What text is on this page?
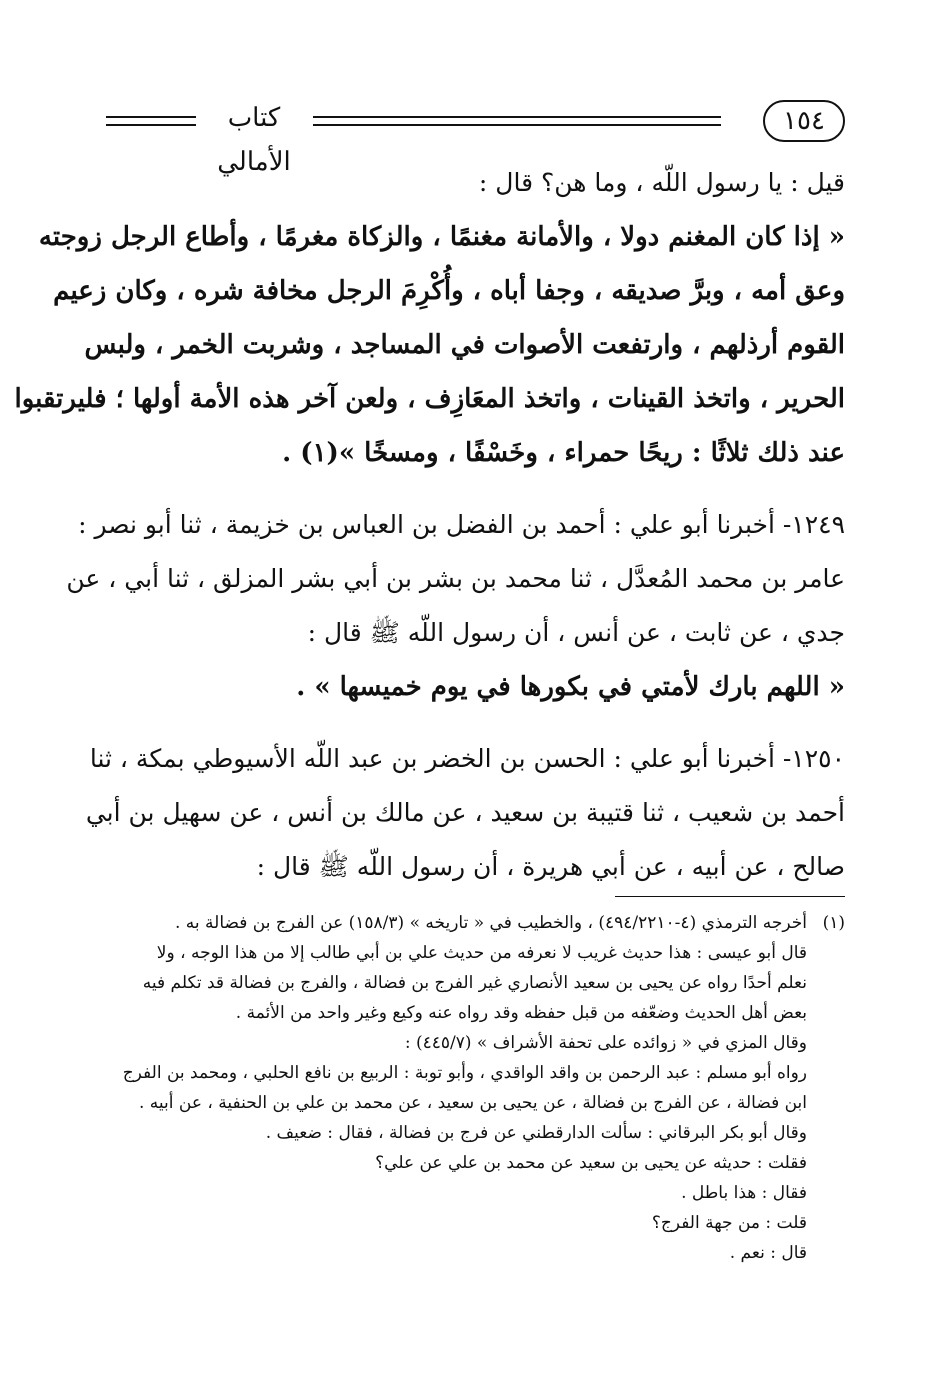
١٥٤
كتاب الأمالي
قيل : يا رسول اللّه ، وما هن؟ قال :
« إذا كان المغنم دولا ، والأمانة مغنمًا ، والزكاة مغرمًا ، وأطاع الرجل زوجته
وعق أمه ، وبرَّ صديقه ، وجفا أباه ، وأُكْرِمَ الرجل مخافة شره ، وكان زعيم
القوم أرذلهم ، وارتفعت الأصوات في المساجد ، وشربت الخمر ، ولبس
الحرير ، واتخذ القينات ، واتخذ المعَازِف ، ولعن آخر هذه الأمة أولها ؛ فليرتقبوا
عند ذلك ثلاثًا : ريحًا حمراء ، وخَسْفًا ، ومسخًا »(١) .
١٢٤٩- أخبرنا أبو علي : أحمد بن الفضل بن العباس بن خزيمة ، ثنا أبو نصر :
عامر بن محمد المُعدَّل ، ثنا محمد بن بشر بن أبي بشر المزلق ، ثنا أبي ، عن
جدي ، عن ثابت ، عن أنس ، أن رسول اللّه ﷺ قال :
« اللهم بارك لأمتي في بكورها في يوم خميسها » .
١٢٥٠- أخبرنا أبو علي : الحسن بن الخضر بن عبد اللّه الأسيوطي بمكة ، ثنا
أحمد بن شعيب ، ثنا قتيبة بن سعيد ، عن مالك بن أنس ، عن سهيل بن أبي
صالح ، عن أبيه ، عن أبي هريرة ، أن رسول اللّه ﷺ قال :
(١)أخرجه الترمذي (٤-٤٩٤/٢٢١٠) ، والخطيب في « تاريخه » (١٥٨/٣) عن الفرج بن فضالة به .
قال أبو عيسى : هذا حديث غريب لا نعرفه من حديث علي بن أبي طالب إلا من هذا الوجه ، ولا
نعلم أحدًا رواه عن يحيى بن سعيد الأنصاري غير الفرج بن فضالة ، والفرج بن فضالة قد تكلم فيه
بعض أهل الحديث وضعّفه من قبل حفظه وقد رواه عنه وكيع وغير واحد من الأئمة .
وقال المزي في « زوائده على تحفة الأشراف » (٤٤٥/٧) :
رواه أبو مسلم : عبد الرحمن بن واقد الواقدي ، وأبو توبة : الربيع بن نافع الحلبي ، ومحمد بن الفرج
ابن فضالة ، عن الفرج بن فضالة ، عن يحيى بن سعيد ، عن محمد بن علي بن الحنفية ، عن أبيه .
وقال أبو بكر البرقاني : سألت الدارقطني عن فرج بن فضالة ، فقال : ضعيف .
فقلت : حديثه عن يحيى بن سعيد عن محمد بن علي عن علي؟
فقال : هذا باطل .
قلت : من جهة الفرج؟
قال : نعم .
